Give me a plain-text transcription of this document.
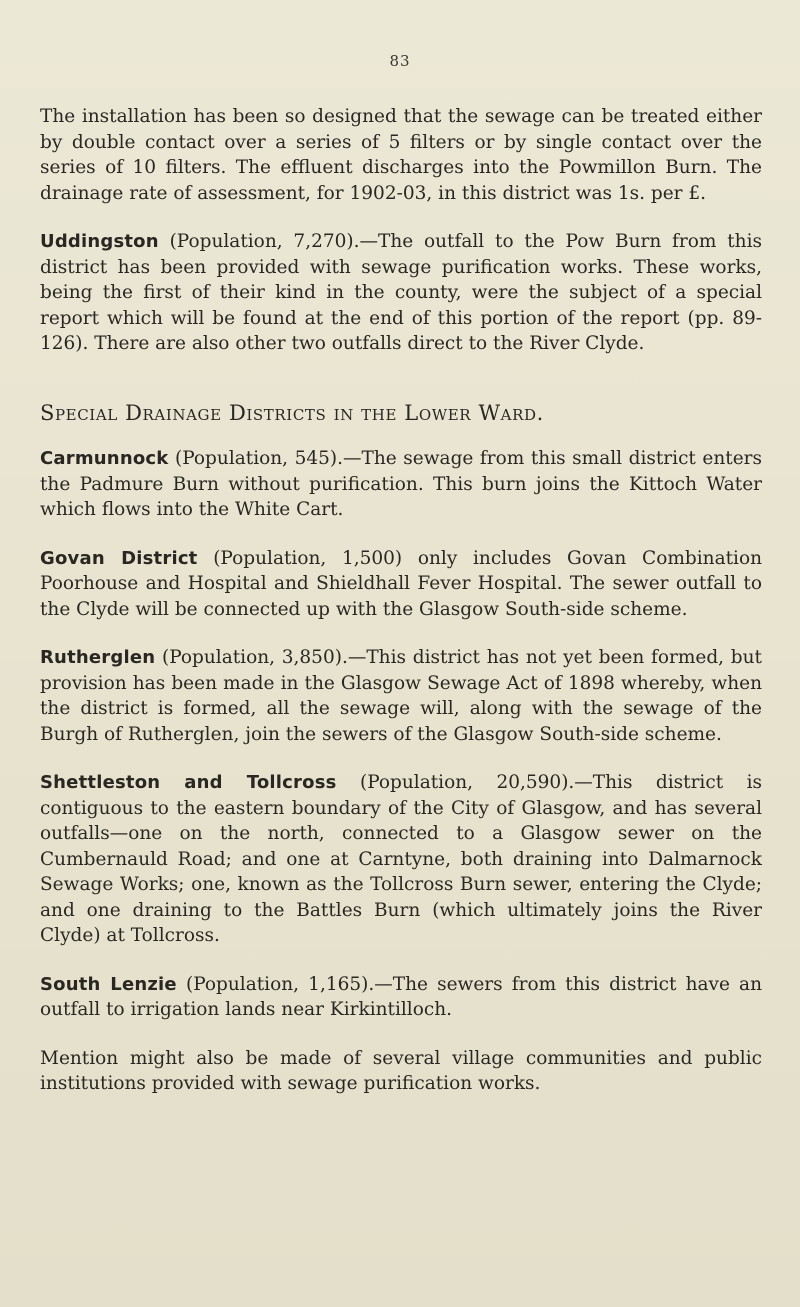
83

The installation has been so designed that the sewage can be treated either by double contact over a series of 5 filters or by single contact over the series of 10 filters. The effluent discharges into the Powmillon Burn. The drainage rate of assessment, for 1902-03, in this district was 1s. per £.

Uddingston (Population, 7,270).—The outfall to the Pow Burn from this district has been provided with sewage purification works. These works, being the first of their kind in the county, were the subject of a special report which will be found at the end of this portion of the report (pp. 89-126). There are also other two outfalls direct to the River Clyde.

Special Drainage Districts in the Lower Ward.

Carmunnock (Population, 545).—The sewage from this small district enters the Padmure Burn without purification. This burn joins the Kittoch Water which flows into the White Cart.

Govan District (Population, 1,500) only includes Govan Combination Poorhouse and Hospital and Shieldhall Fever Hospital. The sewer outfall to the Clyde will be connected up with the Glasgow South-side scheme.

Rutherglen (Population, 3,850).—This district has not yet been formed, but provision has been made in the Glasgow Sewage Act of 1898 whereby, when the district is formed, all the sewage will, along with the sewage of the Burgh of Rutherglen, join the sewers of the Glasgow South-side scheme.

Shettleston and Tollcross (Population, 20,590).—This district is contiguous to the eastern boundary of the City of Glasgow, and has several outfalls—one on the north, connected to a Glasgow sewer on the Cumbernauld Road; and one at Carntyne, both draining into Dalmarnock Sewage Works; one, known as the Tollcross Burn sewer, entering the Clyde; and one draining to the Battles Burn (which ultimately joins the River Clyde) at Tollcross.

South Lenzie (Population, 1,165).—The sewers from this district have an outfall to irrigation lands near Kirkintilloch.

Mention might also be made of several village communities and public institutions provided with sewage purification works.
